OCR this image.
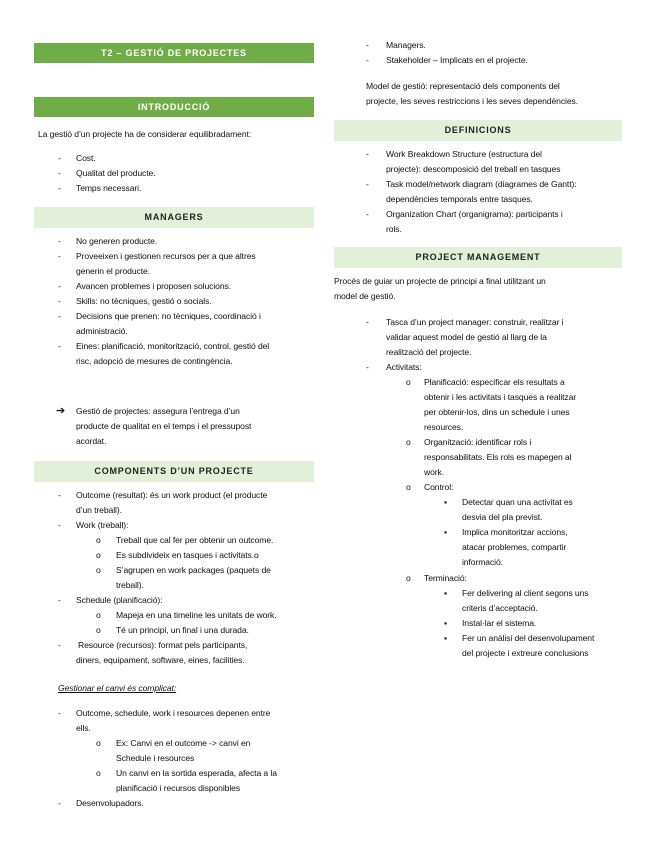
T2 – GESTIÓ DE PROJECTES
INTRODUCCIÓ
La gestió d’un projecte ha de considerar equilibradament:
- Cost.
- Qualitat del producte.
- Temps necessari.
MANAGERS
- No generen producte.
- Proveeixen i gestionen recursos per a que altres
generin el producte.
- Avancen problemes i proposen solucions.
- Skills: no tècniques, gestió o socials.
- Decisions que prenen: no tècniques, coordinació i
administració.
- Eines: planificació, monitorització, control, gestió del
risc, adopció de mesures de contingència.
➔ Gestió de projectes: assegura l’entrega d’un
producte de qualitat en el temps i el pressupost
acordat.
COMPONENTS D’UN PROJECTE
- Outcome (resultat): és un work product (el producte
d’un treball).
- Work (treball):
o Treball que cal fer per obtenir un outcome.
o Es subdivideix en tasques i activitats.o
o S’agrupen en work packages (paquets de
treball).
- Schedule (planificació):
o Mapeja en una timeline les unitats de work.
o Té un principi, un final i una durada.
- Resource (recursos): format pels participants,
diners, equipament, software, eines, facilities.
Gestionar el canvi és complicat:
- Outcome, schedule, work i resources depenen entre
ells.
o Ex: Canvi en el outcome -> canvi en
Schedule i resources
o Un canvi en la sortida esperada, afecta a la
planificació i recursos disponibles
- Desenvolupadors.
- Managers.
- Stakeholder – Implicats en el projecte.
Model de gestió: representació dels components del
projecte, les seves restriccions i les seves dependències.
DEFINICIONS
- Work Breakdown Structure (estructura del
projecte): descomposició del treball en tasques
- Task model/network diagram (diagrames de Gantt):
dependències temporals entre tasques.
- Organization Chart (organigrama): participants i
rols.
PROJECT MANAGEMENT
Procés de guiar un projecte de principi a final utilitzant un
model de gestió.
- Tasca d’un project manager: construir, realitzar i
validar aquest model de gestió al llarg de la
realització del projecte.
- Activitats:
o Planificació: especificar els resultats a
obtenir i les activitats i tasques a realitzar
per obtenir-los, dins un schedule i unes
resources.
o Organització: identificar rols i
responsabilitats. Els rols es mapegen al
work.
o Control:
▪ Detectar quan una activitat es
desvia del pla previst.
▪ Implica monitoritzar accions,
atacar problemes, compartir
informació.
o Terminació:
▪ Fer delivering al client segons uns
criteris d’acceptació.
▪ Instal·lar el sistema.
▪ Fer un anàlisi del desenvolupament
del projecte i extreure conclusions
